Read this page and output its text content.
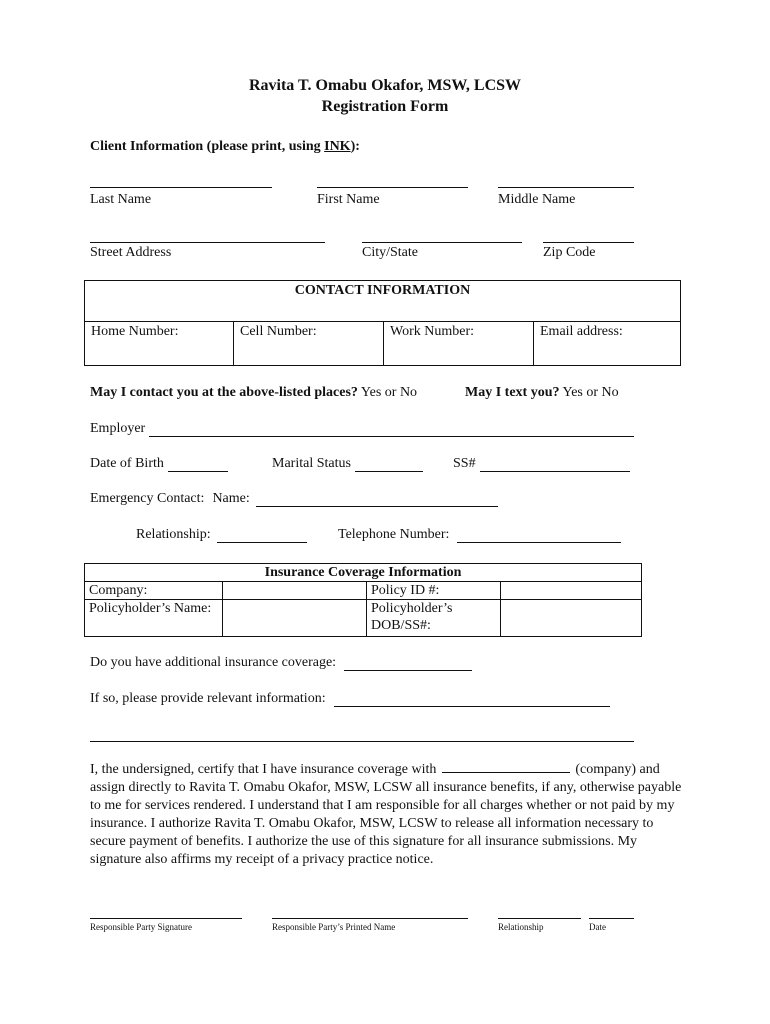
Ravita T. Omabu Okafor, MSW, LCSW
Registration Form
Client Information (please print, using INK):
Last Name	First Name	Middle Name
Street Address	City/State	Zip Code
CONTACT INFORMATION
Home Number:	Cell Number:	Work Number:	Email address:
May I contact you at the above-listed places? Yes or No	May I text you? Yes or No
Employer
Date of Birth	Marital Status	SS#
Emergency Contact: Name:
Relationship:	Telephone Number:
Insurance Coverage Information			
Company:		Policy ID #:	
Policyholder’s Name:		Policyholder’s DOB/SS#:	
Do you have additional insurance coverage:
If so, please provide relevant information:
I, the undersigned, certify that I have insurance coverage with	(company) and assign directly to Ravita T. Omabu Okafor, MSW, LCSW all insurance benefits, if any, otherwise payable to me for services rendered. I understand that I am responsible for all charges whether or not paid by my insurance. I authorize Ravita T. Omabu Okafor, MSW, LCSW to release all information necessary to secure payment of benefits. I authorize the use of this signature for all insurance submissions. My signature also affirms my receipt of a privacy practice notice.
Responsible Party Signature	Responsible Party’s Printed Name	Relationship	Date
